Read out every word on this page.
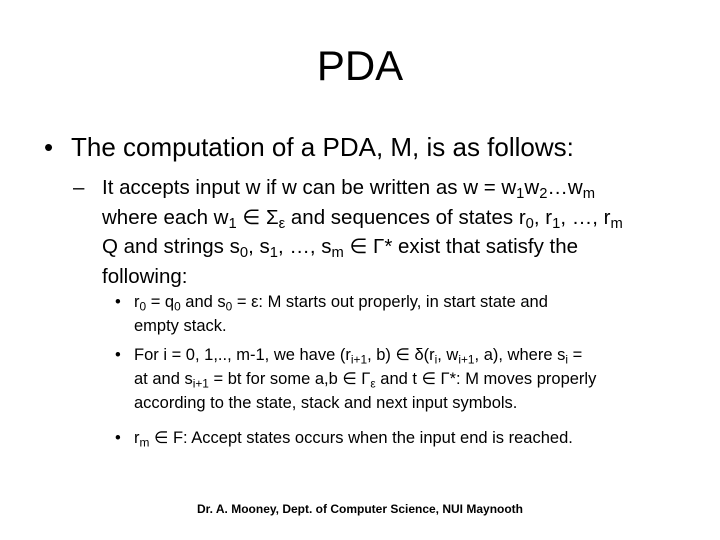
PDA
• The computation of a PDA, M, is as follows:
– It accepts input w if w can be written as $w = w_1w_2\dots w_m$
where each $w_1$ ∈ $\Sigma_\varepsilon$ and sequences of states $r_0$, $r_1$, …, $r_m$
Q and strings $s_0$, $s_1$, …, $s_m$ ∈ Γ* exist that satisfy the
following:
• $r_0 = q_0$ and $s_0 = \varepsilon$: M starts out properly, in start state and
empty stack.
• For i = 0, 1,.., m-1, we have ($r_{i+1}$, b) ∈ $\delta(r_i$, $w_{i+1}$, a), where $s_i$ =
at and $s_{i+1}$ = bt for some a,b ∈ $\Gamma_\varepsilon$ and t ∈ Γ*: M moves properly
according to the state, stack and next input symbols.
• $r_m$ ∈ F: Accept states occurs when the input end is reached.
Dr. A. Mooney, Dept. of Computer Science, NUI Maynooth
